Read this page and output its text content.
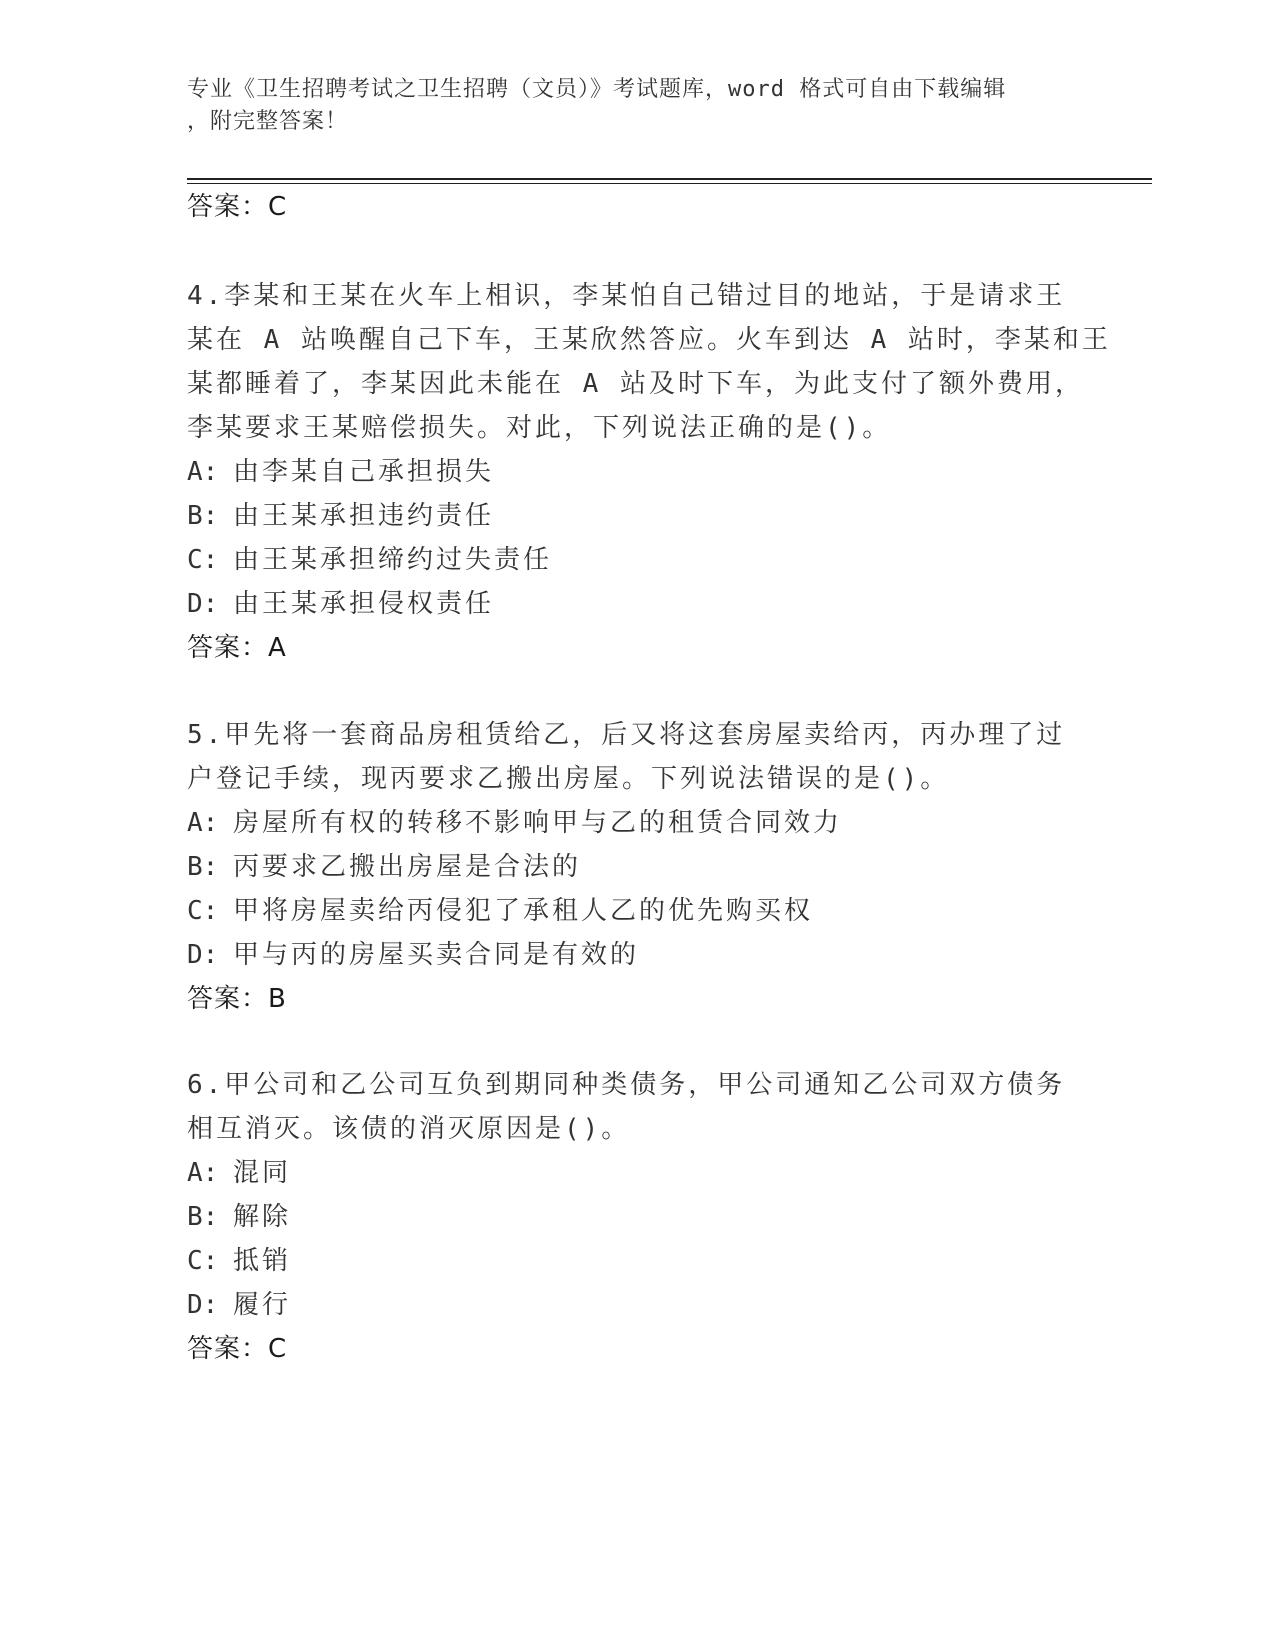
专业《卫生招聘考试之卫生招聘（文员）》考试题库，word 格式可自由下载编辑
，附完整答案！
答案：C
4.李某和王某在火车上相识，李某怕自己错过目的地站，于是请求王
某在 A 站唤醒自己下车，王某欣然答应。火车到达 A 站时，李某和王
某都睡着了，李某因此未能在 A 站及时下车，为此支付了额外费用，
李某要求王某赔偿损失。对此，下列说法正确的是()。
A: 由李某自己承担损失
B: 由王某承担违约责任
C: 由王某承担缔约过失责任
D: 由王某承担侵权责任
答案：A
5.甲先将一套商品房租赁给乙，后又将这套房屋卖给丙，丙办理了过
户登记手续，现丙要求乙搬出房屋。下列说法错误的是()。
A: 房屋所有权的转移不影响甲与乙的租赁合同效力
B: 丙要求乙搬出房屋是合法的
C: 甲将房屋卖给丙侵犯了承租人乙的优先购买权
D: 甲与丙的房屋买卖合同是有效的
答案：B
6.甲公司和乙公司互负到期同种类债务，甲公司通知乙公司双方债务
相互消灭。该债的消灭原因是()。
A: 混同
B: 解除
C: 抵销
D: 履行
答案：C
